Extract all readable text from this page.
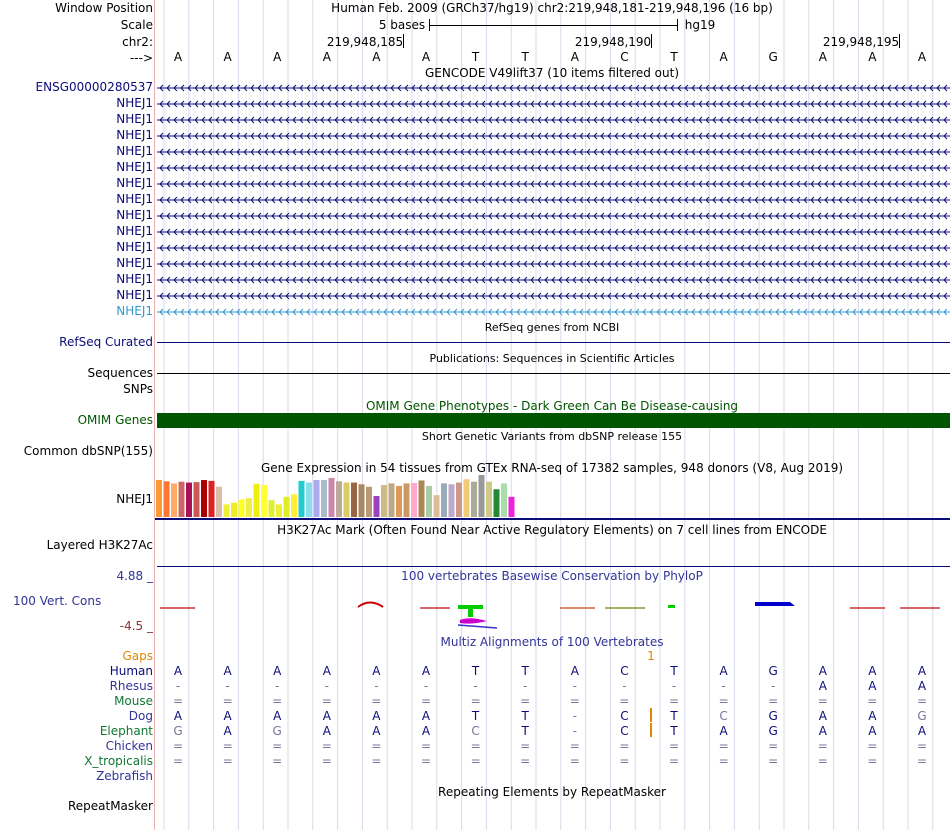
Window Position	Human Feb. 2009 (GRCh37/hg19) chr2:219,948,181-219,948,196 (16 bp)
Scale	5 bases	hg19
chr2:	219,948,185	219,948,190	219,948,195
---> A	A	A	A	A	A	T	T	A	C	T	A	G	A	A	A
GENCODE V49lift37 (10 items filtered out)
ENSG00000280537
NHEJ1
NHEJ1
NHEJ1
NHEJ1
NHEJ1
NHEJ1
NHEJ1
NHEJ1
NHEJ1
NHEJ1
NHEJ1
NHEJ1
NHEJ1
NHEJ1
RefSeq genes from NCBI
RefSeq Curated
Publications: Sequences in Scientific Articles
Sequences
SNPs
OMIM Gene Phenotypes - Dark Green Can Be Disease-causing
OMIM Genes
Short Genetic Variants from dbSNP release 155
Common dbSNP(155)
Gene Expression in 54 tissues from GTEx RNA-seq of 17382 samples, 948 donors (V8, Aug 2019)
NHEJ1
H3K27Ac Mark (Often Found Near Active Regulatory Elements) on 7 cell lines from ENCODE
Layered H3K27Ac
100 vertebrates Basewise Conservation by PhyloP
4.88 _
100 Vert. Cons
-4.5 _
Multiz Alignments of 100 Vertebrates
Gaps	1
Human A	A	A	A	A	A	T	T	A	C	T	A	G	A	A	A
Rhesus	-	-	-	-	-	-	-	-	-	-	-	-	-	A	A	A
Mouse =	=	=	=	=	=	=	=	=	=	=	=	=	=	=	=
Dog A	A	A	A	A	A	T	T	-	C	T	C	G	A	A	G
Elephant G	A	G	A	A	A	C	T	-	C	T	A	G	A	A	A
Chicken =	=	=	=	=	=	=	=	=	=	=	=	=	=	=	=
X_tropicalis =	=	=	=	=	=	=	=	=	=	=	=	=	=	=	=
Zebrafish
Repeating Elements by RepeatMasker
RepeatMasker
